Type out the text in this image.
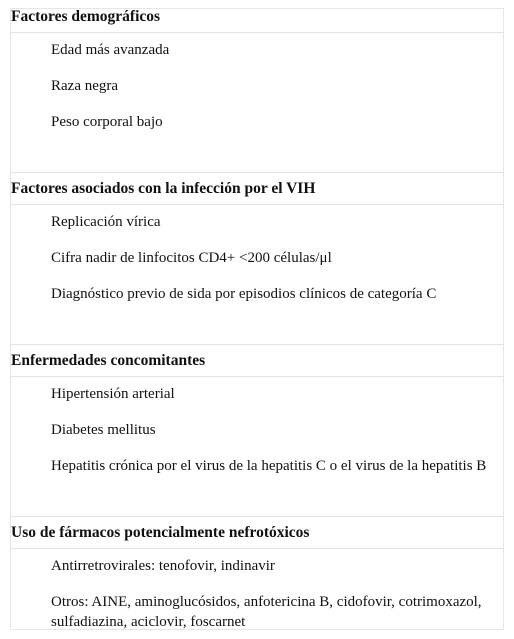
Factores demográficos
Edad más avanzada
Raza negra
Peso corporal bajo
Factores asociados con la infección por el VIH
Replicación vírica
Cifra nadir de linfocitos CD4+ <200 células/μl
Diagnóstico previo de sida por episodios clínicos de categoría C
Enfermedades concomitantes
Hipertensión arterial
Diabetes mellitus
Hepatitis crónica por el virus de la hepatitis C o el virus de la hepatitis B
Uso de fármacos potencialmente nefrotóxicos
Antirretrovirales: tenofovir, indinavir
Otros: AINE, aminoglucósidos, anfotericina B, cidofovir, cotrimoxazol, sulfadiazina, aciclovir, foscarnet
